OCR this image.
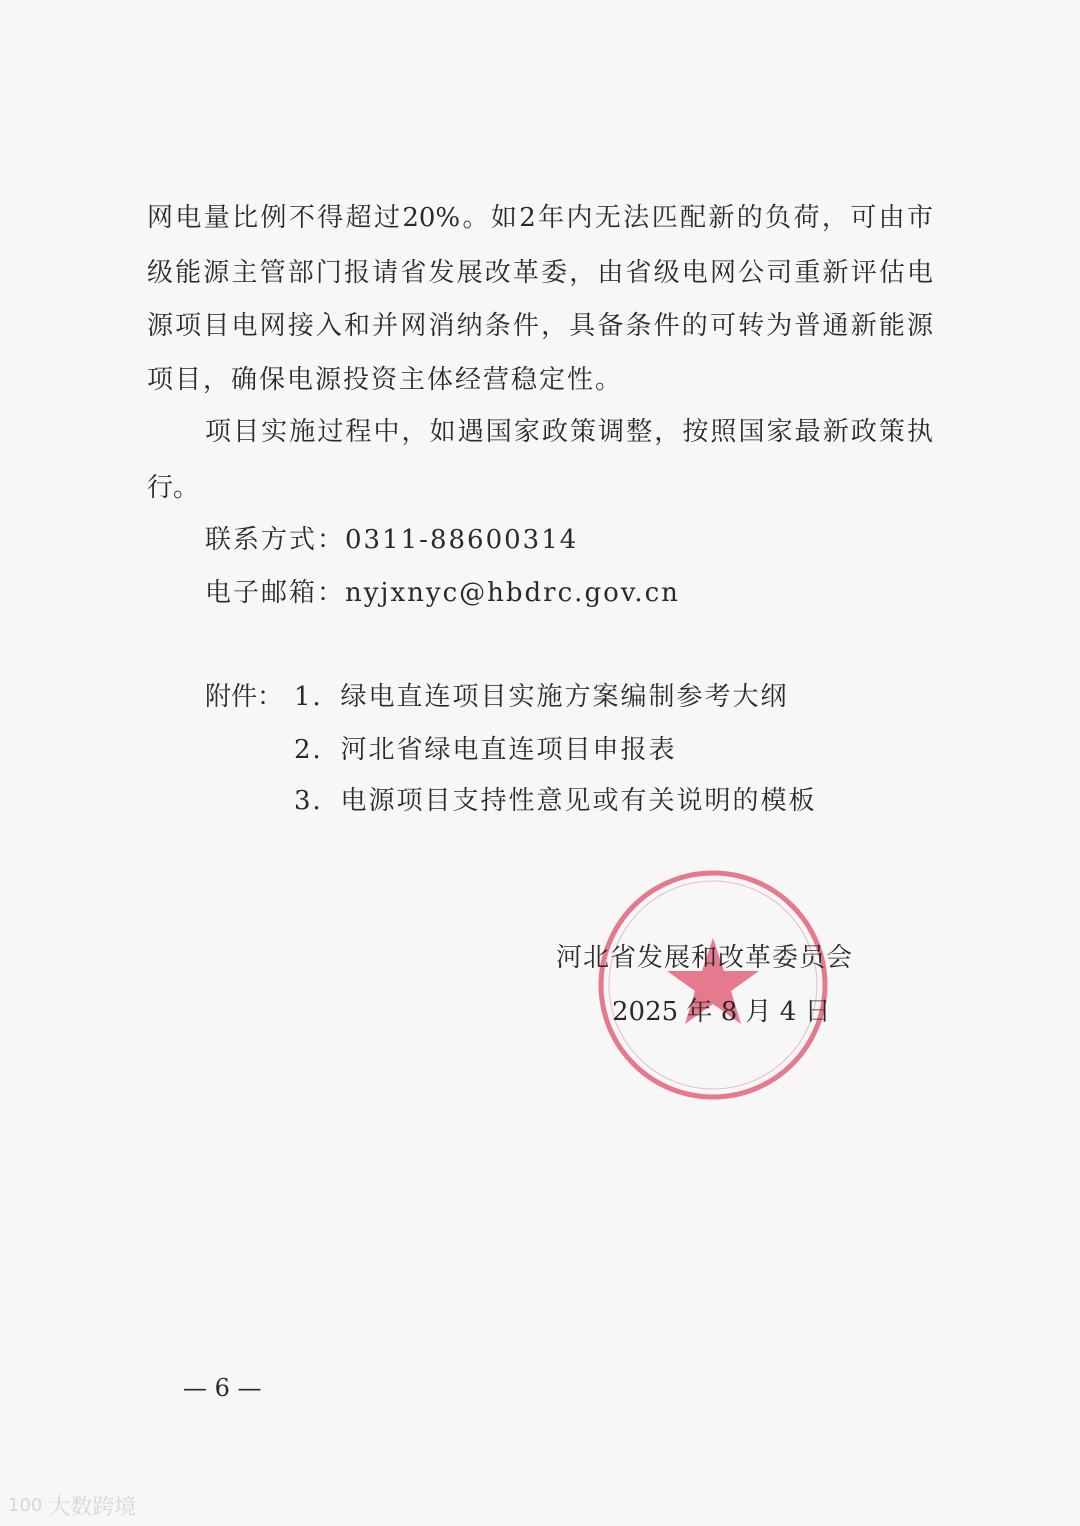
网电量比例不得超过20%。如2年内无法匹配新的负荷，可由市
级能源主管部门报请省发展改革委，由省级电网公司重新评估电
源项目电网接入和并网消纳条件，具备条件的可转为普通新能源
项目，确保电源投资主体经营稳定性。
项目实施过程中，如遇国家政策调整，按照国家最新政策执
行。
联系方式：0311-88600314
电子邮箱：nyjxnyc@hbdrc.gov.cn
附件： 1．绿电直连项目实施方案编制参考大纲
2．河北省绿电直连项目申报表
3．电源项目支持性意见或有关说明的模板
河北省发展和改革委员会
2025 年 8 月 4 日
— 6 —
100 大数跨境
